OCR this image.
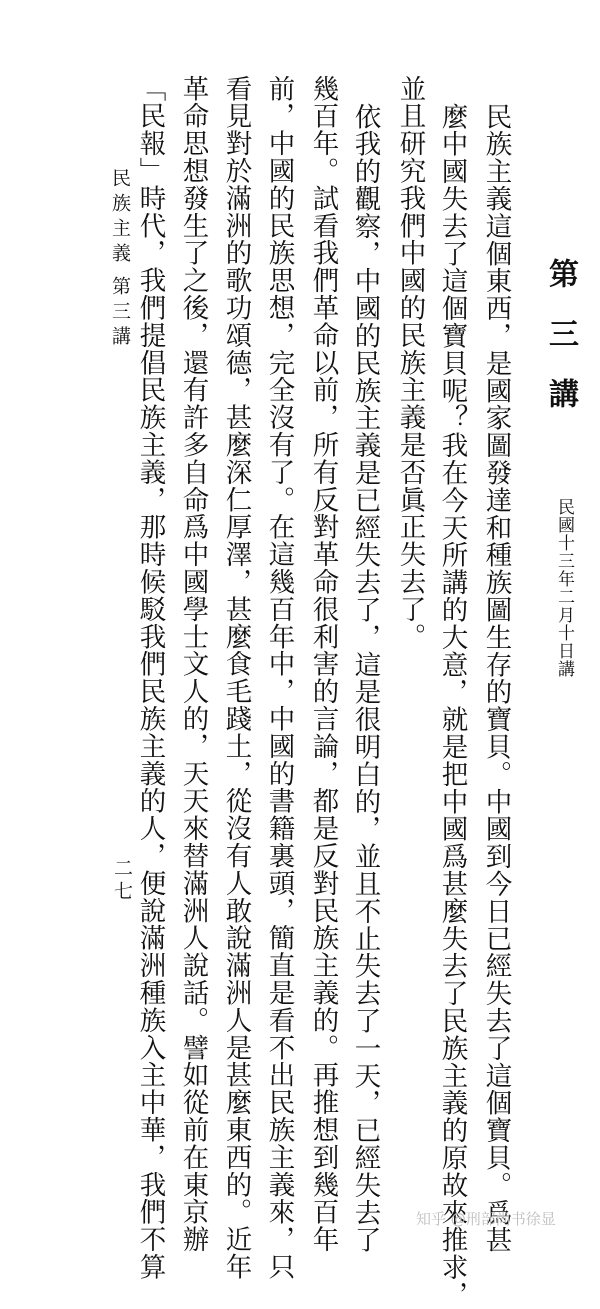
第三講
民國十三年二月十日講
民族主義這個東西，是國家圖發達和種族圖生存的寶貝。中國到今日已經失去了這個寶貝。爲甚
麼中國失去了這個寶貝呢？我在今天所講的大意，就是把中國爲甚麼失去了民族主義的原故來推求，
並且研究我們中國的民族主義是否眞正失去了。
依我的觀察，中國的民族主義是已經失去了，這是很明白的，並且不止失去了一天，已經失去了
幾百年。試看我們革命以前，所有反對革命很利害的言論，都是反對民族主義的。再推想到幾百年
前，中國的民族思想，完全沒有了。在這幾百年中，中國的書籍裏頭，簡直是看不出民族主義來，只
看見對於滿洲的歌功頌德，甚麼深仁厚澤，甚麼食毛踐土，從沒有人敢說滿洲人是甚麼東西的。近年
革命思想發生了之後，還有許多自命爲中國學士文人的，天天來替滿洲人說話。譬如從前在東京辦
「民報」時代，我們提倡民族主義，那時候駁我們民族主義的人，便說滿洲種族入主中華，我們不算
民族主義第三講
二七
知乎 @刑部尚书徐显
